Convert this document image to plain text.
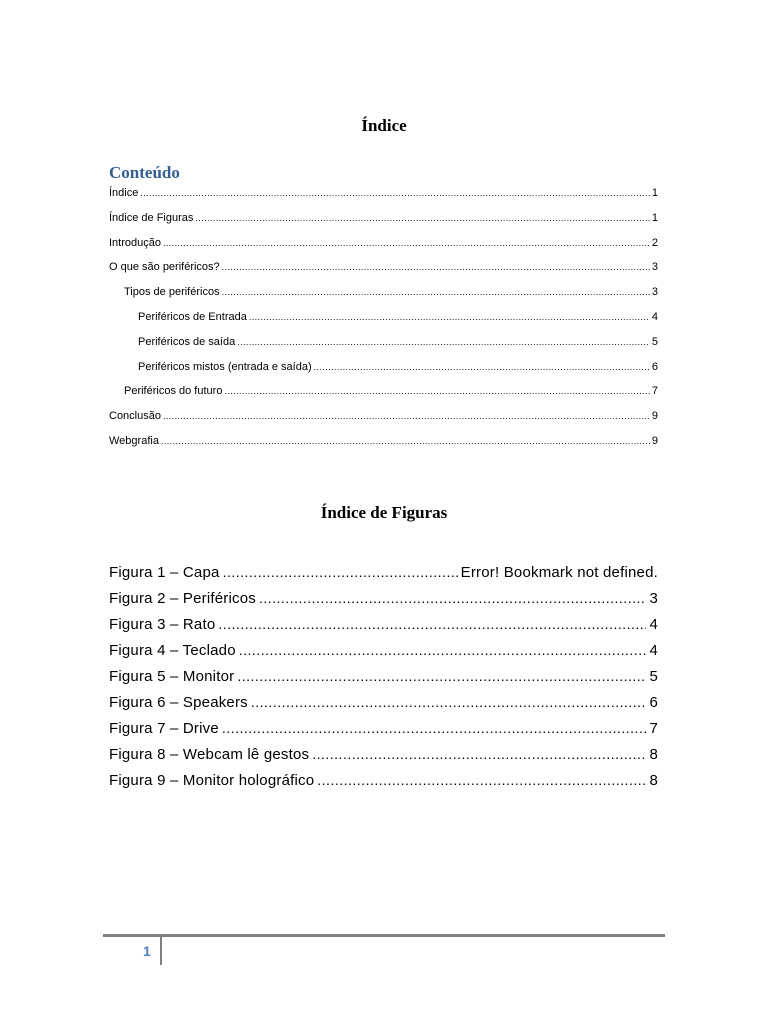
Índice
Conteúdo
Índice .....	1
Índice de Figuras .....	1
Introdução .....	2
O que são periféricos? .....	3
Tipos de periféricos .....	3
Periféricos de Entrada .....	4
Periféricos de saída .....	5
Periféricos mistos (entrada e saída) .....	6
Periféricos do futuro .....	7
Conclusão .....	9
Webgrafia .....	9
Índice de Figuras
Figura 1 – Capa .....	Error! Bookmark not defined.
Figura 2 – Periféricos .....	3
Figura 3 – Rato .....	4
Figura 4 – Teclado .....	4
Figura 5 – Monitor .....	5
Figura 6 – Speakers .....	6
Figura 7 – Drive .....	7
Figura 8 – Webcam lê gestos .....	8
Figura 9 – Monitor holográfico .....	8
1
